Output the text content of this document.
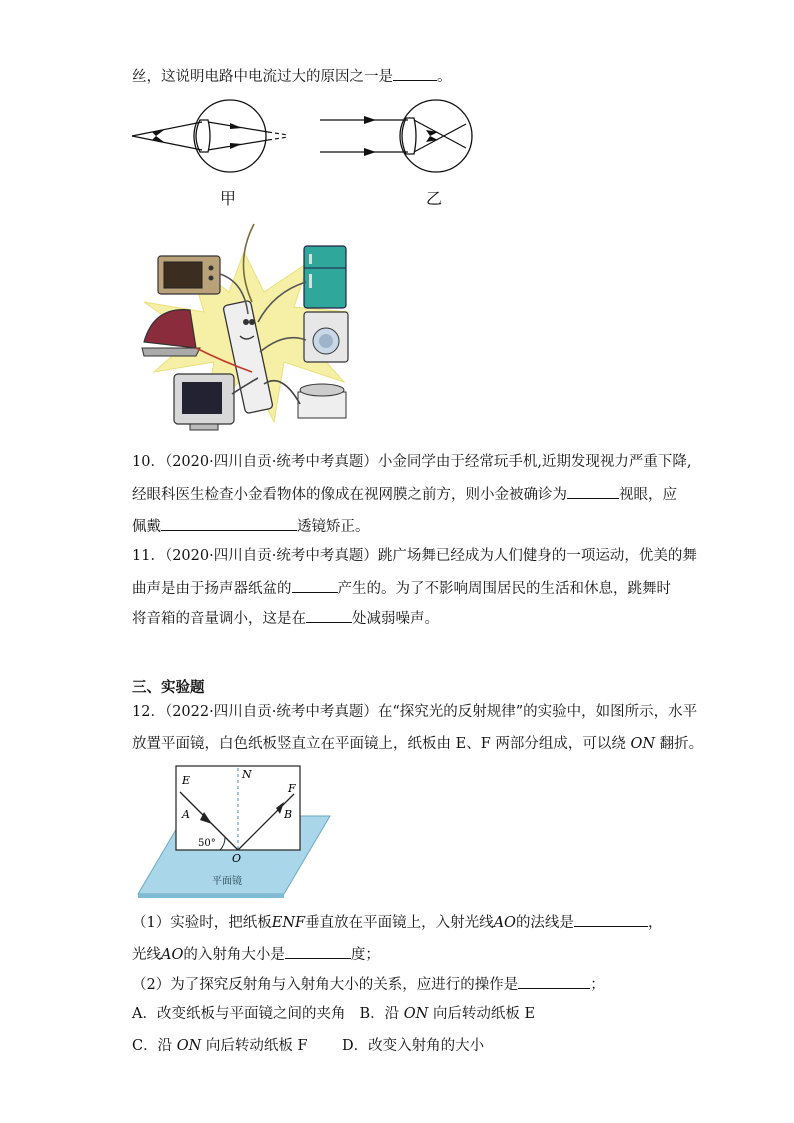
丝，这说明电路中电流过大的原因之一是	。
甲	乙
10．（2020·四川自贡·统考中考真题）小金同学由于经常玩手机,近期发现视力严重下降,
经眼科医生检查小金看物体的像成在视网膜之前方，则小金被确诊为	视眼，应
佩戴	透镜矫正。
11．（2020·四川自贡·统考中考真题）跳广场舞已经成为人们健身的一项运动，优美的舞
曲声是由于扬声器纸盆的	产生的。为了不影响周围居民的生活和休息，跳舞时
将音箱的音量调小，这是在	处减弱噪声。
三、实验题
12．（2022·四川自贡·统考中考真题）在“探究光的反射规律”的实验中，如图所示，水平
放置平面镜，白色纸板竖直立在平面镜上，纸板由 E、F 两部分组成，可以绕 ON 翻折。
E
F
N
A	B
50°
O
平面镜
（1）实验时，把纸板ENF垂直放在平面镜上，入射光线AO的法线是	，
光线AO的入射角大小是	度；
（2）为了探究反射角与入射角大小的关系，应进行的操作是	；
A．改变纸板与平面镜之间的夹角 B．沿 ON 向后转动纸板 E
C．沿 ON 向后转动纸板 F D．改变入射角的大小
